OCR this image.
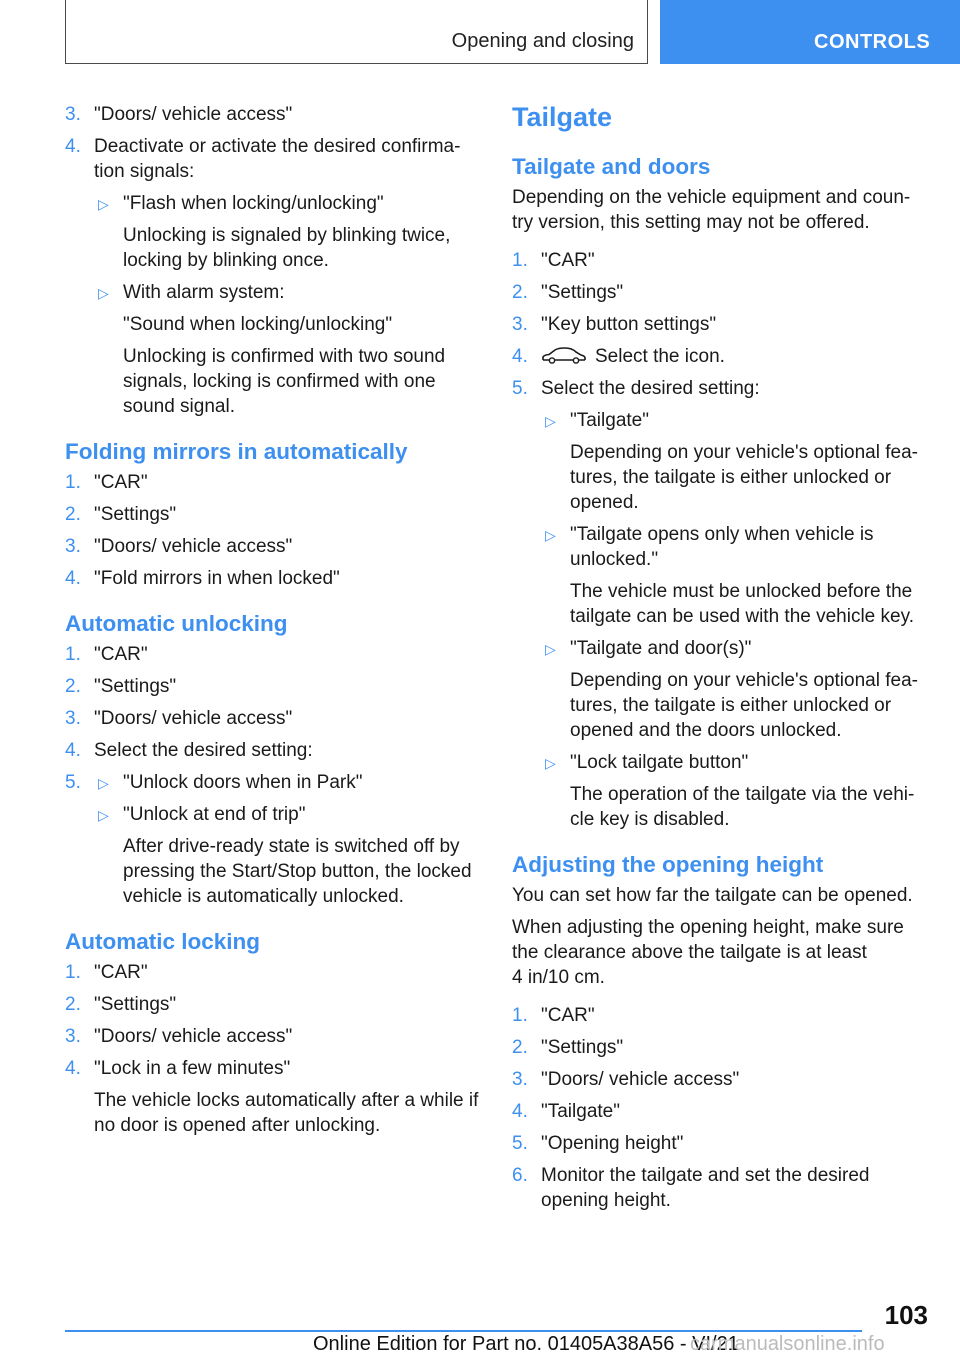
Opening and closing	CONTROLS
3. "Doors/ vehicle access"
4. Deactivate or activate the desired confirma‐tion signals:
▷ "Flash when locking/unlocking"
Unlocking is signaled by blinking twice, locking by blinking once.
▷ With alarm system:
"Sound when locking/unlocking"
Unlocking is confirmed with two sound signals, locking is confirmed with one sound signal.
Folding mirrors in automatically
1. "CAR"
2. "Settings"
3. "Doors/ vehicle access"
4. "Fold mirrors in when locked"
Automatic unlocking
1. "CAR"
2. "Settings"
3. "Doors/ vehicle access"
4. Select the desired setting:
5. ▷ "Unlock doors when in Park"
▷ "Unlock at end of trip"
After drive-ready state is switched off by pressing the Start/Stop button, the locked vehicle is automatically unlocked.
Automatic locking
1. "CAR"
2. "Settings"
3. "Doors/ vehicle access"
4. "Lock in a few minutes"
The vehicle locks automatically after a while if no door is opened after unlocking.
Tailgate
Tailgate and doors
Depending on the vehicle equipment and coun‐try version, this setting may not be offered.
1. "CAR"
2. "Settings"
3. "Key button settings"
4.	Select the icon.
5. Select the desired setting:
▷ "Tailgate"
Depending on your vehicle's optional fea‐tures, the tailgate is either unlocked or opened.
▷ "Tailgate opens only when vehicle is unlocked."
The vehicle must be unlocked before the tailgate can be used with the vehicle key.
▷ "Tailgate and door(s)"
Depending on your vehicle's optional fea‐tures, the tailgate is either unlocked or opened and the doors unlocked.
▷ "Lock tailgate button"
The operation of the tailgate via the vehi‐cle key is disabled.
Adjusting the opening height
You can set how far the tailgate can be opened.
When adjusting the opening height, make sure the clearance above the tailgate is at least
4 in/10 cm.
1. "CAR"
2. "Settings"
3. "Doors/ vehicle access"
4. "Tailgate"
5. "Opening height"
6. Monitor the tailgate and set the desired opening height.
103
Online Edition for Part no. 01405A38A56 - VI/21
carmanualsonline.info
